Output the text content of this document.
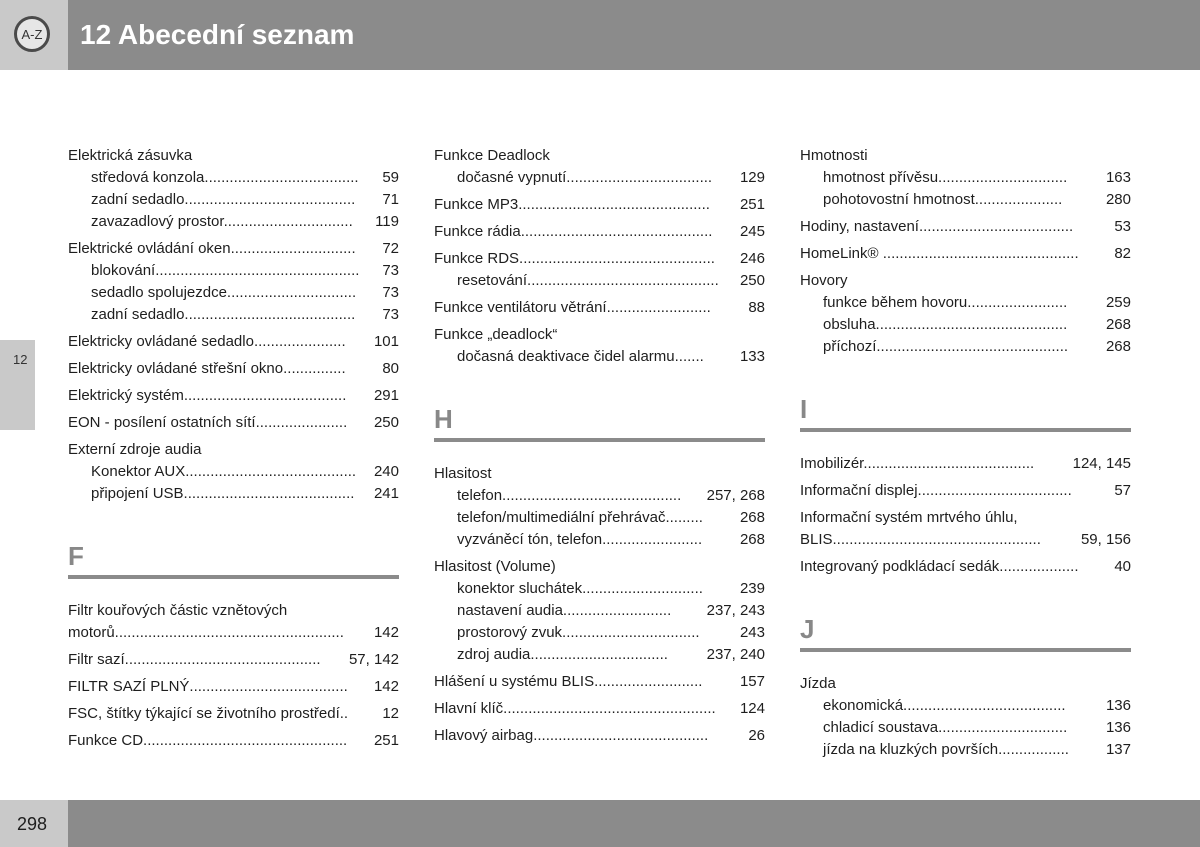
A-Z 12 Abecední seznam
12
Elektrická zásuvka
středová konzola.....................................	59
zadní sedadlo.........................................	71
zavazadlový prostor...............................	119
Elektrické ovládání oken..............................	72
blokování.................................................	73
sedadlo spolujezdce...............................	73
zadní sedadlo.........................................	73
Elektricky ovládané sedadlo......................	101
Elektricky ovládané střešní okno...............	80
Elektrický systém.......................................	291
EON - posílení ostatních sítí......................	250
Externí zdroje audia
Konektor AUX.........................................	240
připojení USB.........................................	241
F
Filtr kouřových částic vznětových
motorů.......................................................	142
Filtr sazí...............................................	57, 142
FILTR SAZÍ PLNÝ......................................	142
FSC, štítky týkající se životního prostředí..	12
Funkce CD.................................................	251
Funkce Deadlock
dočasné vypnutí...................................	129
Funkce MP3..............................................	251
Funkce rádia..............................................	245
Funkce RDS...............................................	246
resetování..............................................	250
Funkce ventilátoru větrání.........................	88
Funkce „deadlock“
dočasná deaktivace čidel alarmu.......	133
H
Hlasitost
telefon...........................................	257, 268
telefon/multimediální přehrávač.........	268
vyzváněcí tón, telefon........................	268
Hlasitost (Volume)
konektor sluchátek.............................	239
nastavení audia..........................	237, 243
prostorový zvuk.................................	243
zdroj audia.................................	237, 240
Hlášení u systému BLIS..........................	157
Hlavní klíč...................................................	124
Hlavový airbag..........................................	26
Hmotnosti
hmotnost přívěsu...............................	163
pohotovostní hmotnost.....................	280
Hodiny, nastavení.....................................	53
HomeLink® ...............................................	82
Hovory
funkce během hovoru........................	259
obsluha..............................................	268
příchozí..............................................	268
I
Imobilizér.........................................	124, 145
Informační displej.....................................	57
Informační systém mrtvého úhlu,
BLIS..................................................	59, 156
Integrovaný podkládací sedák...................	40
J
Jízda
ekonomická.......................................	136
chladicí soustava...............................	136
jízda na kluzkých površích.................	137
298
